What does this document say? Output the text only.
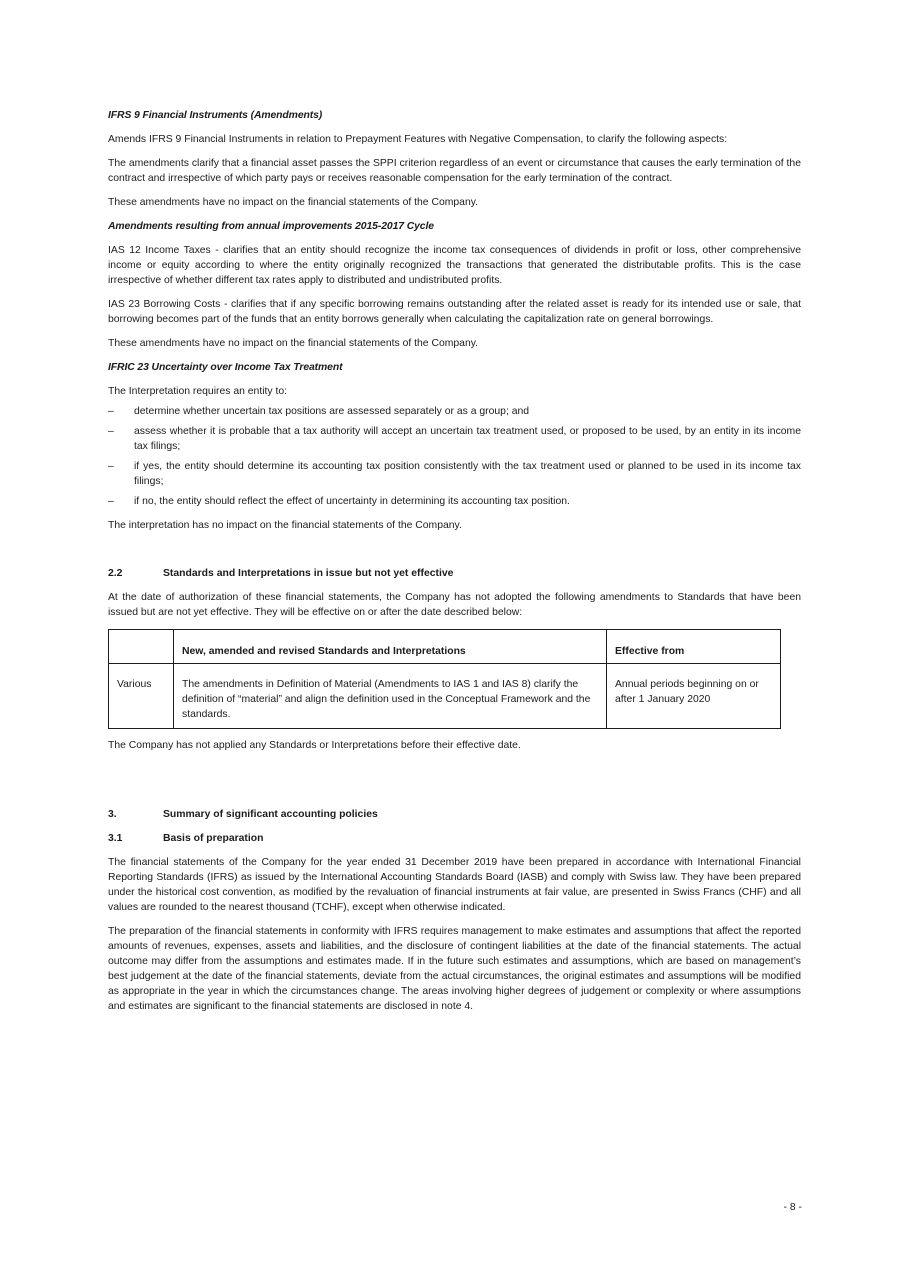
IFRS 9 Financial Instruments (Amendments)

Amends IFRS 9 Financial Instruments in relation to Prepayment Features with Negative Compensation, to clarify the following aspects:

The amendments clarify that a financial asset passes the SPPI criterion regardless of an event or circumstance that causes the early termination of the contract and irrespective of which party pays or receives reasonable compensation for the early termination of the contract.

These amendments have no impact on the financial statements of the Company.

Amendments resulting from annual improvements 2015-2017 Cycle

IAS 12 Income Taxes - clarifies that an entity should recognize the income tax consequences of dividends in profit or loss, other comprehensive income or equity according to where the entity originally recognized the transactions that generated the distributable profits. This is the case irrespective of whether different tax rates apply to distributed and undistributed profits.

IAS 23 Borrowing Costs - clarifies that if any specific borrowing remains outstanding after the related asset is ready for its intended use or sale, that borrowing becomes part of the funds that an entity borrows generally when calculating the capitalization rate on general borrowings.

These amendments have no impact on the financial statements of the Company.

IFRIC 23 Uncertainty over Income Tax Treatment

The Interpretation requires an entity to:

–	determine whether uncertain tax positions are assessed separately or as a group; and
–	assess whether it is probable that a tax authority will accept an uncertain tax treatment used, or proposed to be used, by an entity in its income tax filings;
–	if yes, the entity should determine its accounting tax position consistently with the tax treatment used or planned to be used in its income tax filings;
–	if no, the entity should reflect the effect of uncertainty in determining its accounting tax position.

The interpretation has no impact on the financial statements of the Company.

2.2	Standards and Interpretations in issue but not yet effective

At the date of authorization of these financial statements, the Company has not adopted the following amendments to Standards that have been issued but are not yet effective. They will be effective on or after the date described below:

	New, amended and revised Standards and Interpretations	Effective from
Various	The amendments in Definition of Material (Amendments to IAS 1 and IAS 8) clarify the definition of “material” and align the definition used in the Conceptual Framework and the standards.	Annual periods beginning on or after 1 January 2020

The Company has not applied any Standards or Interpretations before their effective date.

3.	Summary of significant accounting policies
3.1	Basis of preparation

The financial statements of the Company for the year ended 31 December 2019 have been prepared in accordance with International Financial Reporting Standards (IFRS) as issued by the International Accounting Standards Board (IASB) and comply with Swiss law. They have been prepared under the historical cost convention, as modified by the revaluation of financial instruments at fair value, are presented in Swiss Francs (CHF) and all values are rounded to the nearest thousand (TCHF), except when otherwise indicated.

The preparation of the financial statements in conformity with IFRS requires management to make estimates and assumptions that affect the reported amounts of revenues, expenses, assets and liabilities, and the disclosure of contingent liabilities at the date of the financial statements. The actual outcome may differ from the assumptions and estimates made. If in the future such estimates and assumptions, which are based on management’s best judgement at the date of the financial statements, deviate from the actual circumstances, the original estimates and assumptions will be modified as appropriate in the year in which the circumstances change. The areas involving higher degrees of judgement or complexity or where assumptions and estimates are significant to the financial statements are disclosed in note 4.

- 8 -
